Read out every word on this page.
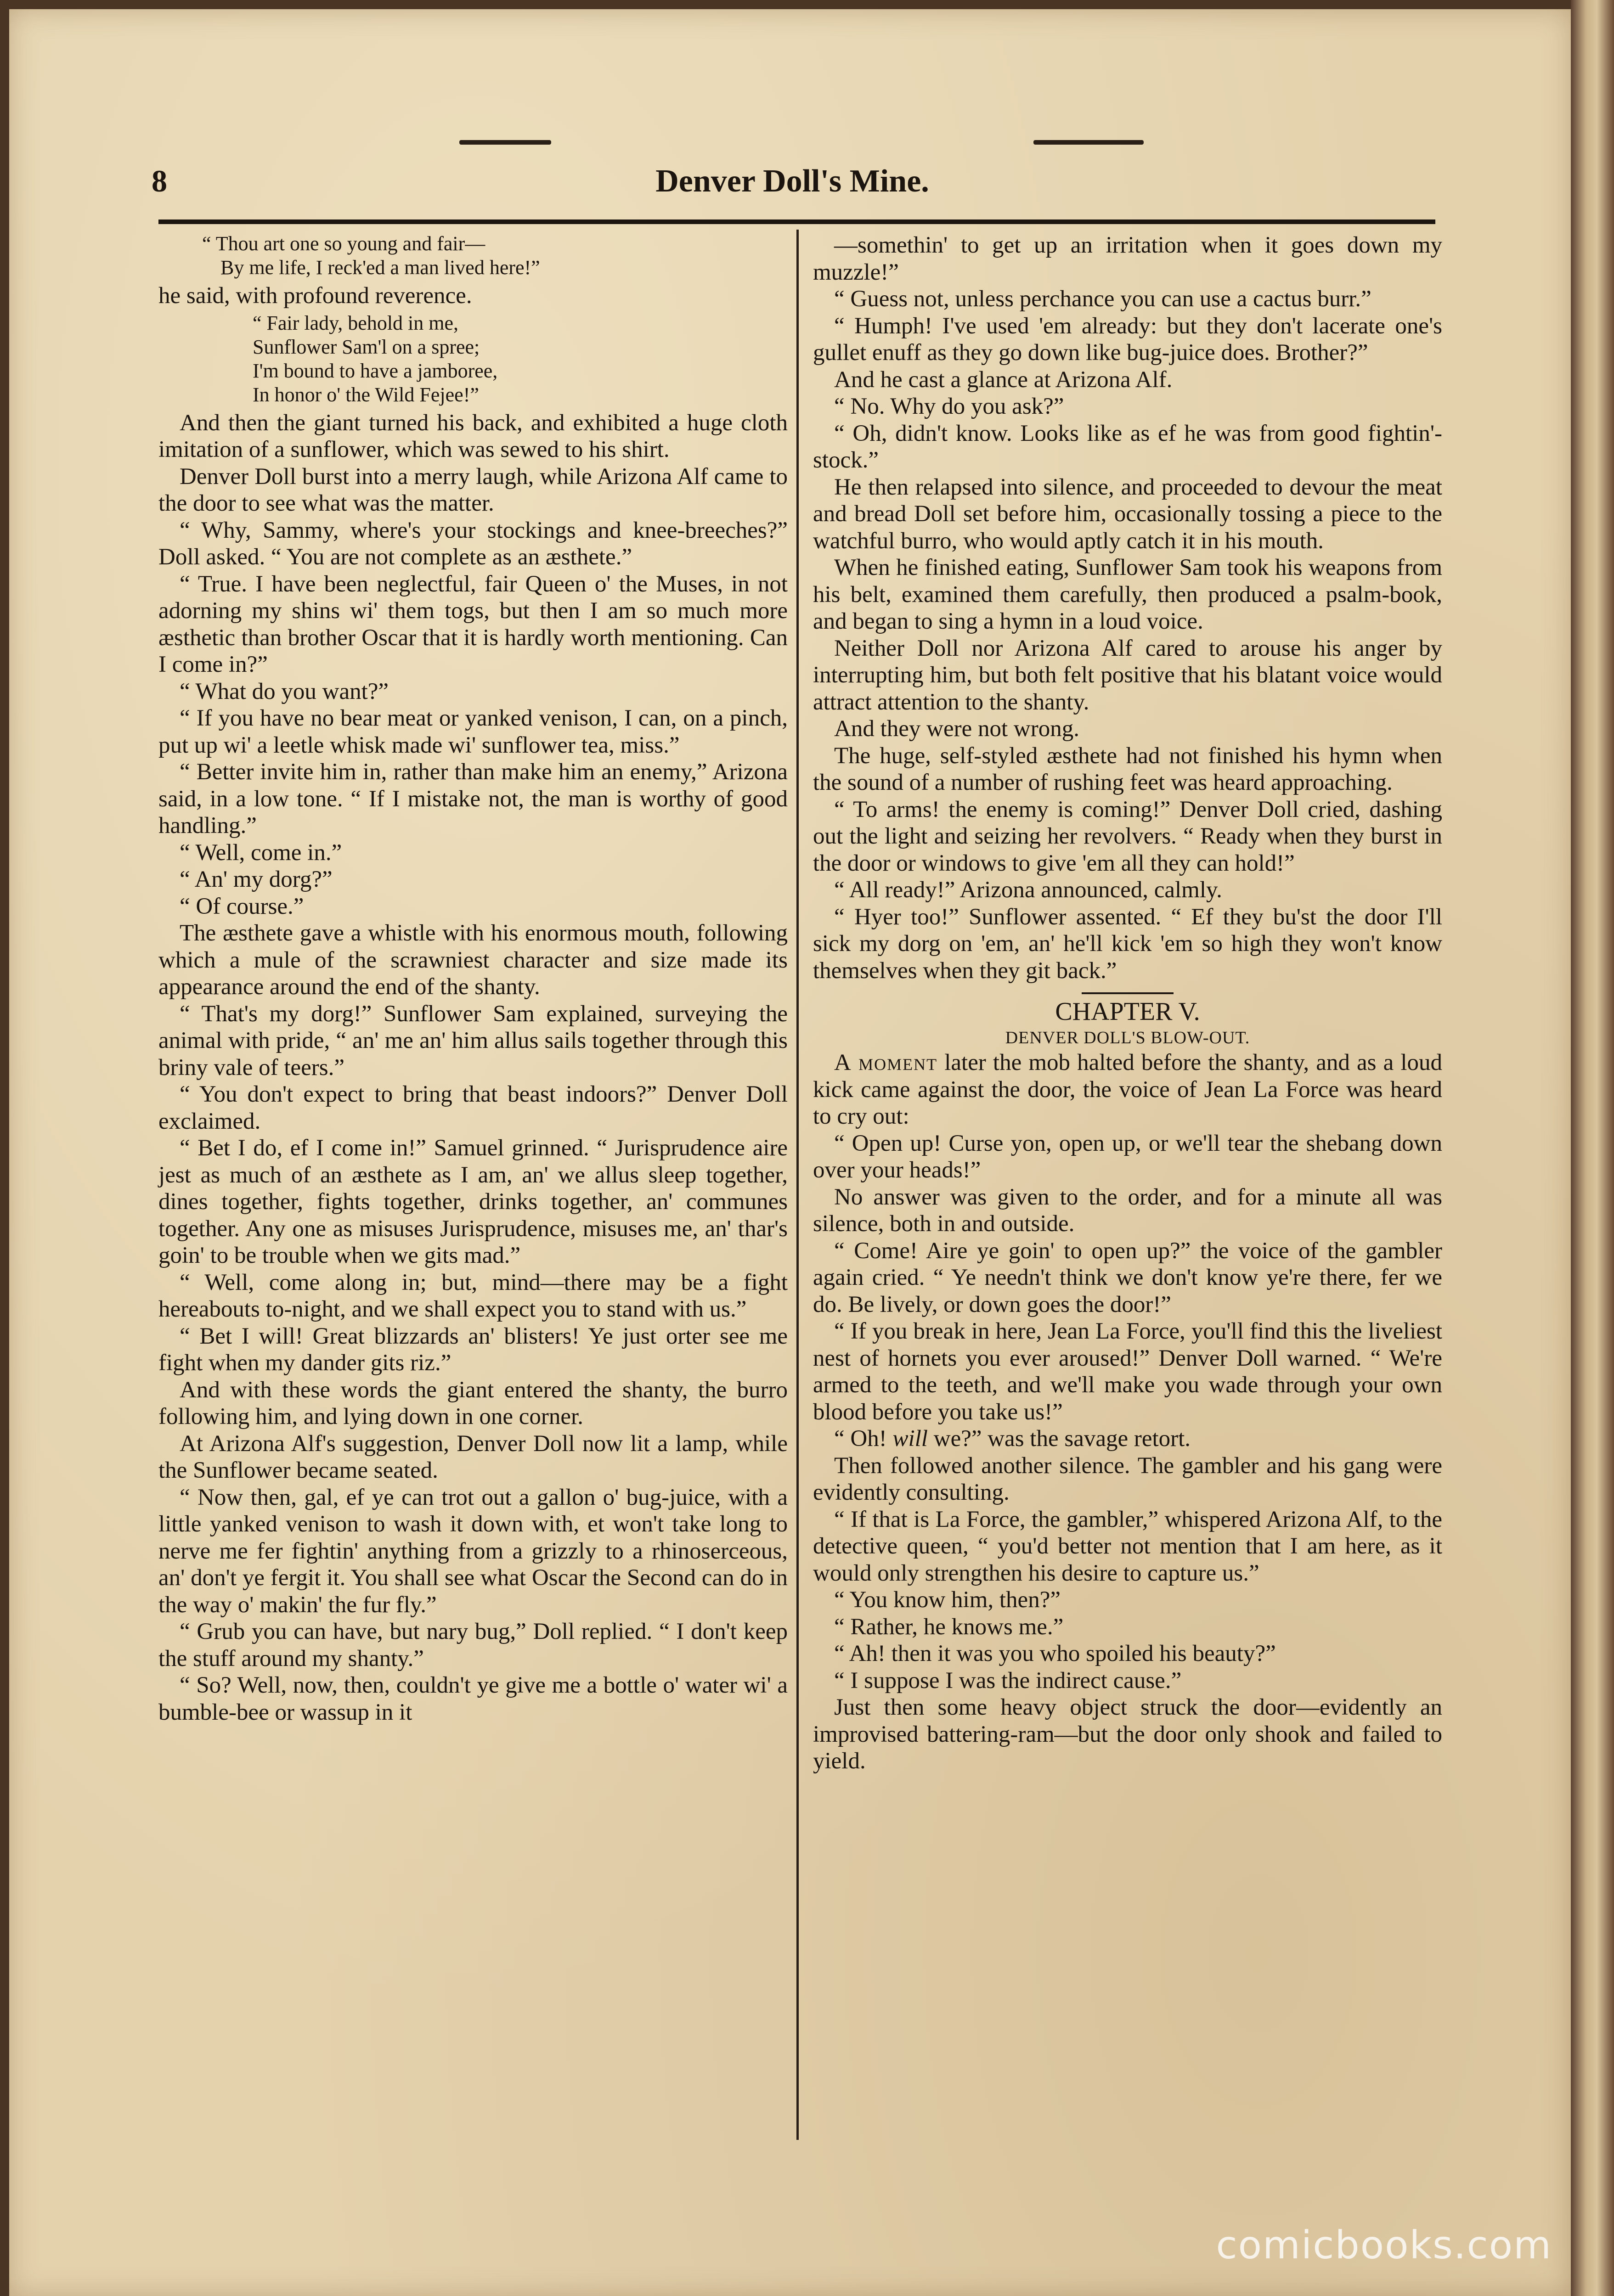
8	Denver Doll's Mine.
“ Thou art one so young and fair—
By me life, I reck'ed a man lived here!”

he said, with profound reverence.

“ Fair lady, behold in me,
Sunflower Sam'l on a spree;
I'm bound to have a jamboree,
In honor o' the Wild Fejee!”

And then the giant turned his back, and exhibited a huge cloth imitation of a sunflower, which was sewed to his shirt.

Denver Doll burst into a merry laugh, while Arizona Alf came to the door to see what was the matter.

“ Why, Sammy, where's your stockings and knee-breeches?” Doll asked. “ You are not complete as an æsthete.”

“ True. I have been neglectful, fair Queen o' the Muses, in not adorning my shins wi' them togs, but then I am so much more æsthetic than brother Oscar that it is hardly worth mentioning. Can I come in?”

“ What do you want?”

“ If you have no bear meat or yanked venison, I can, on a pinch, put up wi' a leetle whisk made wi' sunflower tea, miss.”

“ Better invite him in, rather than make him an enemy,” Arizona said, in a low tone. “ If I mistake not, the man is worthy of good handling.”

“ Well, come in.”

“ An' my dorg?”

“ Of course.”

The æsthete gave a whistle with his enormous mouth, following which a mule of the scrawniest character and size made its appearance around the end of the shanty.

“ That's my dorg!” Sunflower Sam explained, surveying the animal with pride, “ an' me an' him allus sails together through this briny vale of teers.”

“ You don't expect to bring that beast indoors?” Denver Doll exclaimed.

“ Bet I do, ef I come in!” Samuel grinned. “ Jurisprudence aire jest as much of an æsthete as I am, an' we allus sleep together, dines together, fights together, drinks together, an' communes together. Any one as misuses Jurisprudence, misuses me, an' thar's goin' to be trouble when we gits mad.”

“ Well, come along in; but, mind—there may be a fight hereabouts to-night, and we shall expect you to stand with us.”

“ Bet I will! Great blizzards an' blisters! Ye just orter see me fight when my dander gits riz.”

And with these words the giant entered the shanty, the burro following him, and lying down in one corner.

At Arizona Alf's suggestion, Denver Doll now lit a lamp, while the Sunflower became seated.

“ Now then, gal, ef ye can trot out a gallon o' bug-juice, with a little yanked venison to wash it down with, et won't take long to nerve me fer fightin' anything from a grizzly to a rhinoserceous, an' don't ye fergit it. You shall see what Oscar the Second can do in the way o' makin' the fur fly.”

“ Grub you can have, but nary bug,” Doll replied. “ I don't keep the stuff around my shanty.”

“ So? Well, now, then, couldn't ye give me a bottle o' water wi' a bumble-bee or wassup in it

—somethin' to get up an irritation when it goes down my muzzle!”

“ Guess not, unless perchance you can use a cactus burr.”

“ Humph! I've used 'em already: but they don't lacerate one's gullet enuff as they go down like bug-juice does. Brother?”

And he cast a glance at Arizona Alf.

“ No. Why do you ask?”

“ Oh, didn't know. Looks like as ef he was from good fightin'-stock.”

He then relapsed into silence, and proceeded to devour the meat and bread Doll set before him, occasionally tossing a piece to the watchful burro, who would aptly catch it in his mouth.

When he finished eating, Sunflower Sam took his weapons from his belt, examined them carefully, then produced a psalm-book, and began to sing a hymn in a loud voice.

Neither Doll nor Arizona Alf cared to arouse his anger by interrupting him, but both felt positive that his blatant voice would attract attention to the shanty.

And they were not wrong.

The huge, self-styled æsthete had not finished his hymn when the sound of a number of rushing feet was heard approaching.

“ To arms! the enemy is coming!” Denver Doll cried, dashing out the light and seizing her revolvers. “ Ready when they burst in the door or windows to give 'em all they can hold!”

“ All ready!” Arizona announced, calmly.

“ Hyer too!” Sunflower assented. “ Ef they bu'st the door I'll sick my dorg on 'em, an' he'll kick 'em so high they won't know themselves when they git back.”

CHAPTER V.
DENVER DOLL'S BLOW-OUT.

A moment later the mob halted before the shanty, and as a loud kick came against the door, the voice of Jean La Force was heard to cry out:

“ Open up! Curse yon, open up, or we'll tear the shebang down over your heads!”

No answer was given to the order, and for a minute all was silence, both in and outside.

“ Come! Aire ye goin' to open up?” the voice of the gambler again cried. “ Ye needn't think we don't know ye're there, fer we do. Be lively, or down goes the door!”

“ If you break in here, Jean La Force, you'll find this the liveliest nest of hornets you ever aroused!” Denver Doll warned. “ We're armed to the teeth, and we'll make you wade through your own blood before you take us!”

“ Oh! will we?” was the savage retort.

Then followed another silence. The gambler and his gang were evidently consulting.

“ If that is La Force, the gambler,” whispered Arizona Alf, to the detective queen, “ you'd better not mention that I am here, as it would only strengthen his desire to capture us.”

“ You know him, then?”

“ Rather, he knows me.”

“ Ah! then it was you who spoiled his beauty?”

“ I suppose I was the indirect cause.”

Just then some heavy object struck the door—evidently an improvised battering-ram—but the door only shook and failed to yield.

comicbooks.com
